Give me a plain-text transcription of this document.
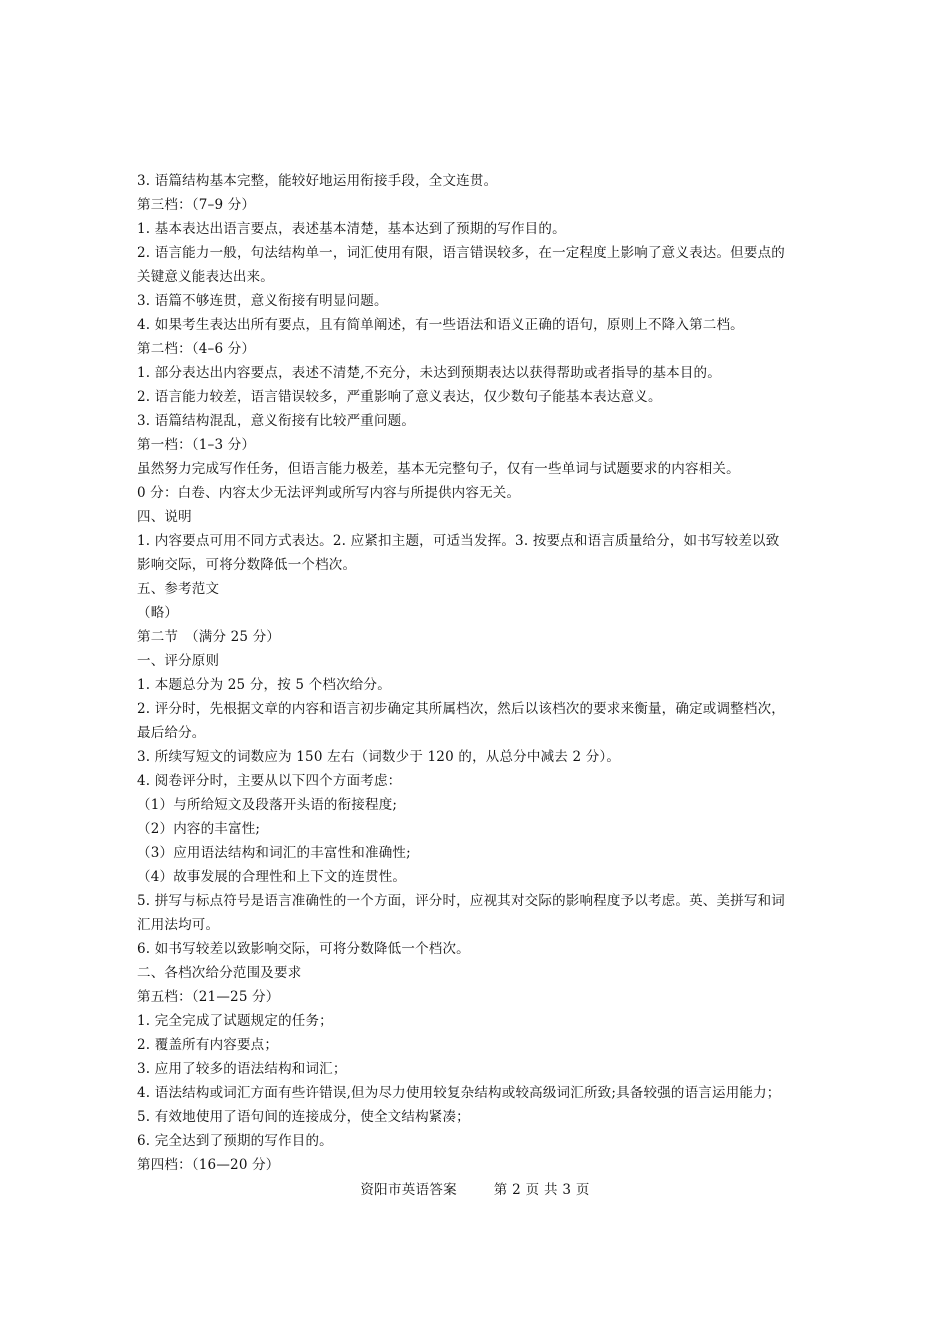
3. 语篇结构基本完整，能较好地运用衔接手段，全文连贯。
第三档：（7–9 分）
1. 基本表达出语言要点，表述基本清楚，基本达到了预期的写作目的。
2. 语言能力一般，句法结构单一，词汇使用有限，语言错误较多，在一定程度上影响了意义表达。但要点的
关键意义能表达出来。
3. 语篇不够连贯，意义衔接有明显问题。
4. 如果考生表达出所有要点，且有简单阐述，有一些语法和语义正确的语句，原则上不降入第二档。
第二档：（4–6 分）
1. 部分表达出内容要点，表述不清楚,不充分，未达到预期表达以获得帮助或者指导的基本目的。
2. 语言能力较差，语言错误较多，严重影响了意义表达，仅少数句子能基本表达意义。
3. 语篇结构混乱，意义衔接有比较严重问题。
第一档：（1–3 分）
虽然努力完成写作任务，但语言能力极差，基本无完整句子，仅有一些单词与试题要求的内容相关。
0 分：白卷、内容太少无法评判或所写内容与所提供内容无关。
四、说明
1. 内容要点可用不同方式表达。2. 应紧扣主题，可适当发挥。3. 按要点和语言质量给分，如书写较差以致
影响交际，可将分数降低一个档次。
五、参考范文
（略）
第二节　（满分 25 分）
一、评分原则
1. 本题总分为 25 分，按 5 个档次给分。
2. 评分时，先根据文章的内容和语言初步确定其所属档次，然后以该档次的要求来衡量，确定或调整档次，
最后给分。
3. 所续写短文的词数应为 150 左右（词数少于 120 的，从总分中减去 2 分）。
4. 阅卷评分时，主要从以下四个方面考虑：
（1）与所给短文及段落开头语的衔接程度;
（2）内容的丰富性;
（3）应用语法结构和词汇的丰富性和准确性;
（4）故事发展的合理性和上下文的连贯性。
5. 拼写与标点符号是语言准确性的一个方面，评分时，应视其对交际的影响程度予以考虑。英、美拼写和词
汇用法均可。
6. 如书写较差以致影响交际，可将分数降低一个档次。
二、各档次给分范围及要求
第五档：（21—25 分）
1. 完全完成了试题规定的任务；
2. 覆盖所有内容要点；
3. 应用了较多的语法结构和词汇；
4. 语法结构或词汇方面有些许错误,但为尽力使用较复杂结构或较高级词汇所致;具备较强的语言运用能力；
5. 有效地使用了语句间的连接成分，使全文结构紧凑；
6. 完全达到了预期的写作目的。
第四档：（16—20 分）
资阳市英语答案	第 2 页 共 3 页
